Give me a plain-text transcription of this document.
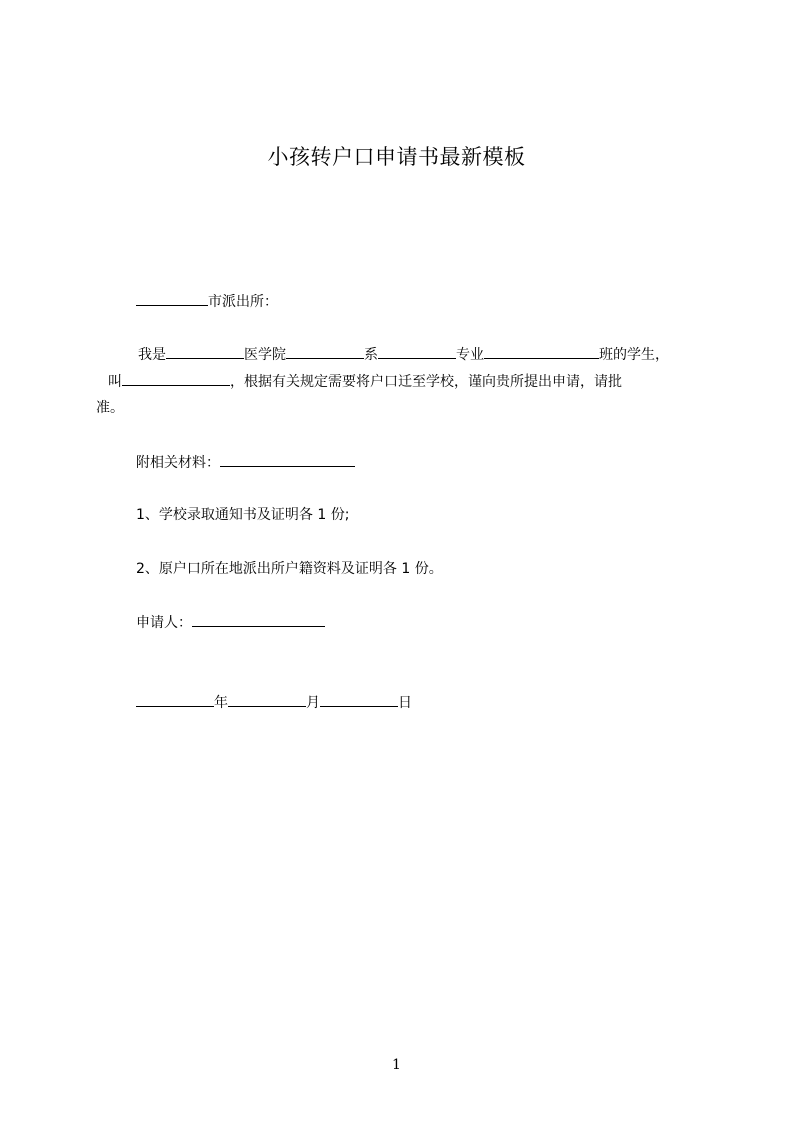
小孩转户口申请书最新模板
市派出所：
我是	医学院	系	专业	班的学生，
叫	，根据有关规定需要将户口迁至学校，谨向贵所提出申请，请批
准。
附相关材料：
1、学校录取通知书及证明各 1 份;
2、原户口所在地派出所户籍资料及证明各 1 份。
申请人：
年	月	日
1
